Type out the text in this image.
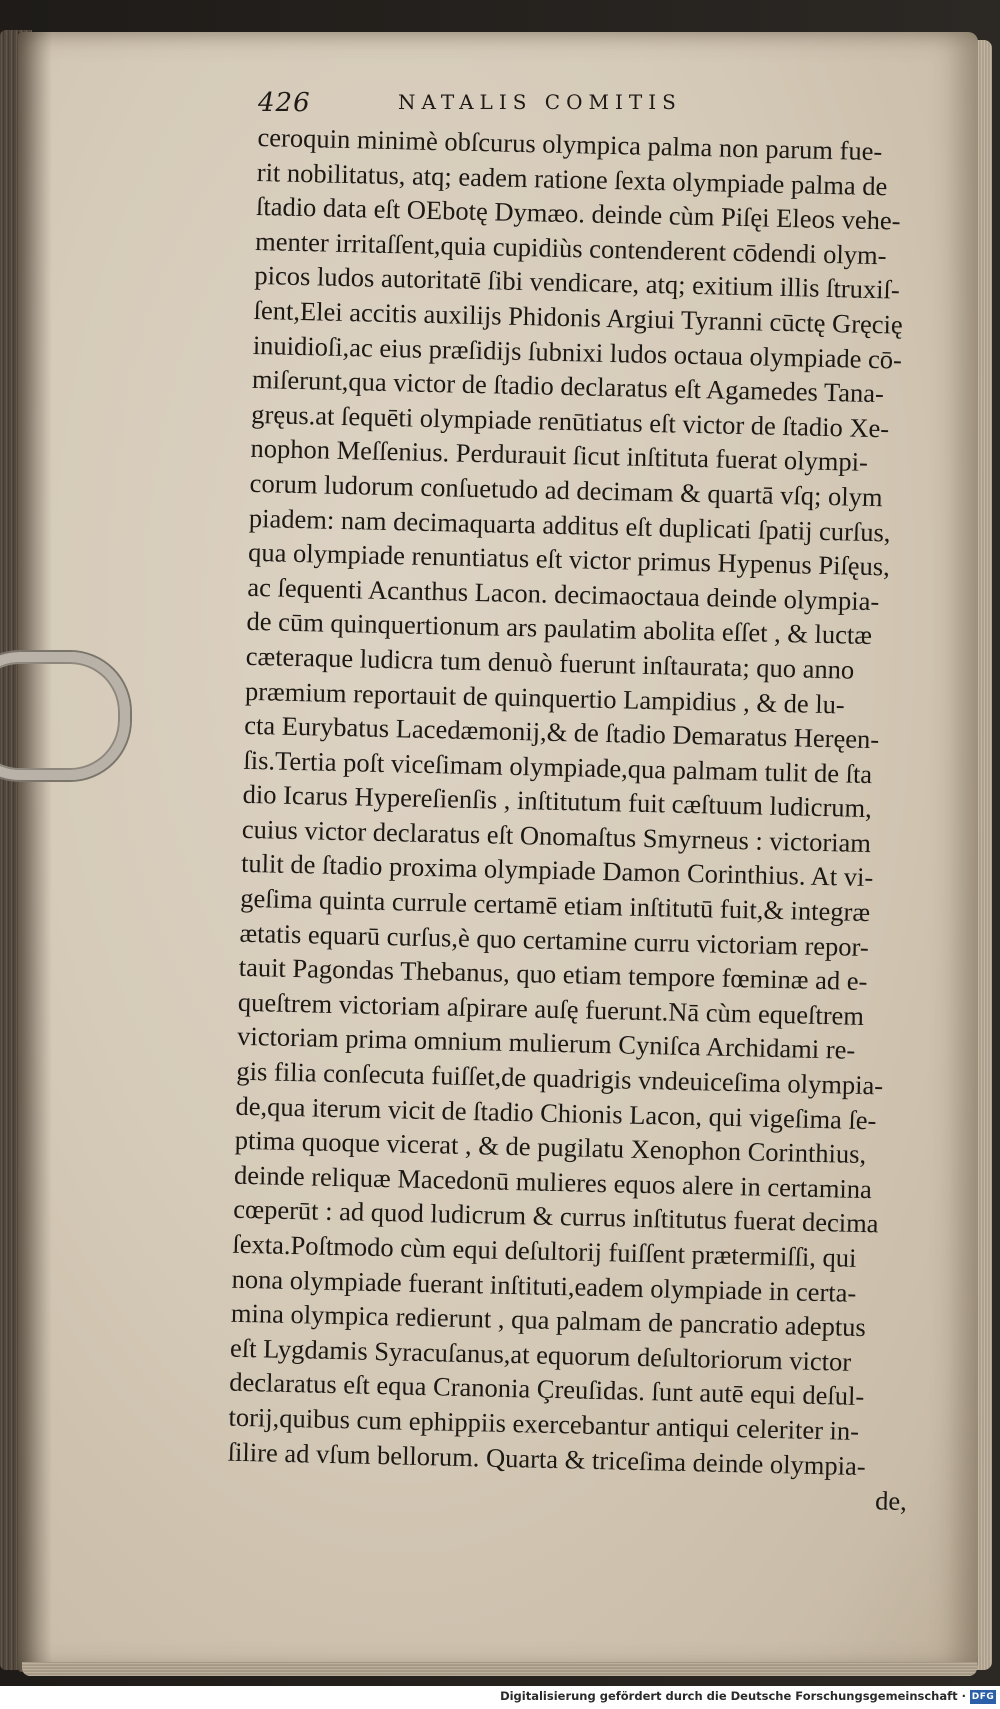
426	NATALIS COMITIS
ceroquin minimè obſcurus olympica palma non parum fue-
rit nobilitatus, atq; eadem ratione ſexta olympiade palma de
ſtadio data eſt OEbotę Dymæo. deinde cùm Piſęi Eleos vehe-
menter irritaſſent,quia cupidiùs contenderent cōdendi olym-
picos ludos autoritatē ſibi vendicare, atq; exitium illis ſtruxiſ-
ſent,Elei accitis auxilijs Phidonis Argiui Tyranni cūctę Gręcię
inuidioſi,ac eius præſidijs ſubnixi ludos octaua olympiade cō-
miſerunt,qua victor de ſtadio declaratus eſt Agamedes Tana-
gręus.at ſequēti olympiade renūtiatus eſt victor de ſtadio Xe-
nophon Meſſenius. Perdurauit ſicut inſtituta fuerat olympi-
corum ludorum conſuetudo ad decimam & quartā vſq; olym
piadem: nam decimaquarta additus eſt duplicati ſpatij curſus,
qua olympiade renuntiatus eſt victor primus Hypenus Piſęus,
ac ſequenti Acanthus Lacon. decimaoctaua deinde olympia-
de cūm quinquertionum ars paulatim abolita eſſet , & luctæ
cæteraque ludicra tum denuò fuerunt inſtaurata; quo anno
præmium reportauit de quinquertio Lampidius , & de lu-
cta Eurybatus Lacedæmonij,& de ſtadio Demaratus Heręen-
ſis.Tertia poſt viceſimam olympiade,qua palmam tulit de ſta
dio Icarus Hypereſienſis , inſtitutum fuit cæſtuum ludicrum,
cuius victor declaratus eſt Onomaſtus Smyrneus : victoriam
tulit de ſtadio proxima olympiade Damon Corinthius. At vi-
geſima quinta currule certamē etiam inſtitutū fuit,& integræ
ætatis equarū curſus,è quo certamine curru victoriam repor-
tauit Pagondas Thebanus, quo etiam tempore fœminæ ad e-
queſtrem victoriam aſpirare auſę fuerunt.Nā cùm equeſtrem
victoriam prima omnium mulierum Cyniſca Archidami re-
gis filia conſecuta fuiſſet,de quadrigis vndeuiceſima olympia-
de,qua iterum vicit de ſtadio Chionis Lacon, qui vigeſima ſe-
ptima quoque vicerat , & de pugilatu Xenophon Corinthius,
deinde reliquæ Macedonū mulieres equos alere in certamina
cœperūt : ad quod ludicrum & currus inſtitutus fuerat decima
ſexta.Poſtmodo cùm equi deſultorij fuiſſent prætermiſſi, qui
nona olympiade fuerant inſtituti,eadem olympiade in certa-
mina olympica redierunt , qua palmam de pancratio adeptus
eſt Lygdamis Syracuſanus,at equorum deſultoriorum victor
declaratus eſt equa Cranonia Çreuſidas. ſunt autē equi deſul-
torij,quibus cum ephippiis exercebantur antiqui celeriter in-
ſilire ad vſum bellorum. Quarta & triceſima deinde olympia-
de,
Digitalisierung gefördert durch die Deutsche Forschungsgemeinschaft · DFG
